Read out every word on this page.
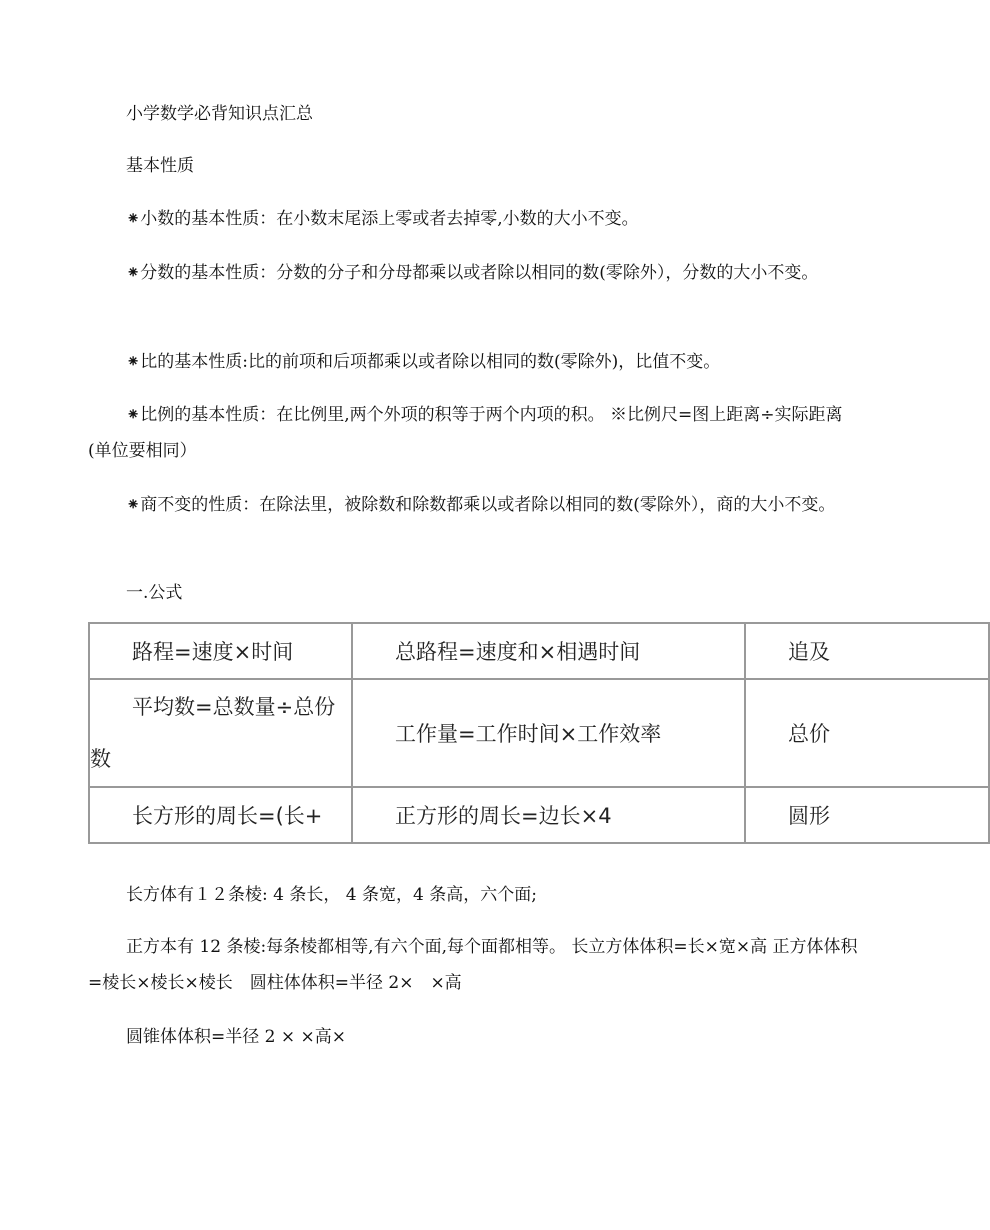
小学数学必背知识点汇总

基本性质

⁕小数的基本性质：在小数末尾添上零或者去掉零,小数的大小不变。

⁕分数的基本性质：分数的分子和分母都乘以或者除以相同的数(零除外），分数的大小不变。

⁕比的基本性质:比的前项和后项都乘以或者除以相同的数(零除外)，比值不变。

⁕比例的基本性质：在比例里,两个外项的积等于两个内项的积。 ※比例尺=图上距离÷实际距离(单位要相同）

⁕商不变的性质：在除法里，被除数和除数都乘以或者除以相同的数(零除外），商的大小不变。

一.公式

路程=速度×时间	总路程=速度和×相遇时间	追及

平均数=总数量÷总份数	工作量=工作时间×工作效率	总价

长方形的周长=(长+	正方形的周长=边长×4	圆形

长方体有１２条棱: 4 条长， 4 条宽，4 条高，六个面;

正方本有 12 条棱:每条棱都相等,有六个面,每个面都相等。 长立方体体积=长×宽×高 正方体体积=棱长×棱长×棱长　圆柱体体积=半径 2×　×高

圆锥体体积=半径 2 × ×高×
